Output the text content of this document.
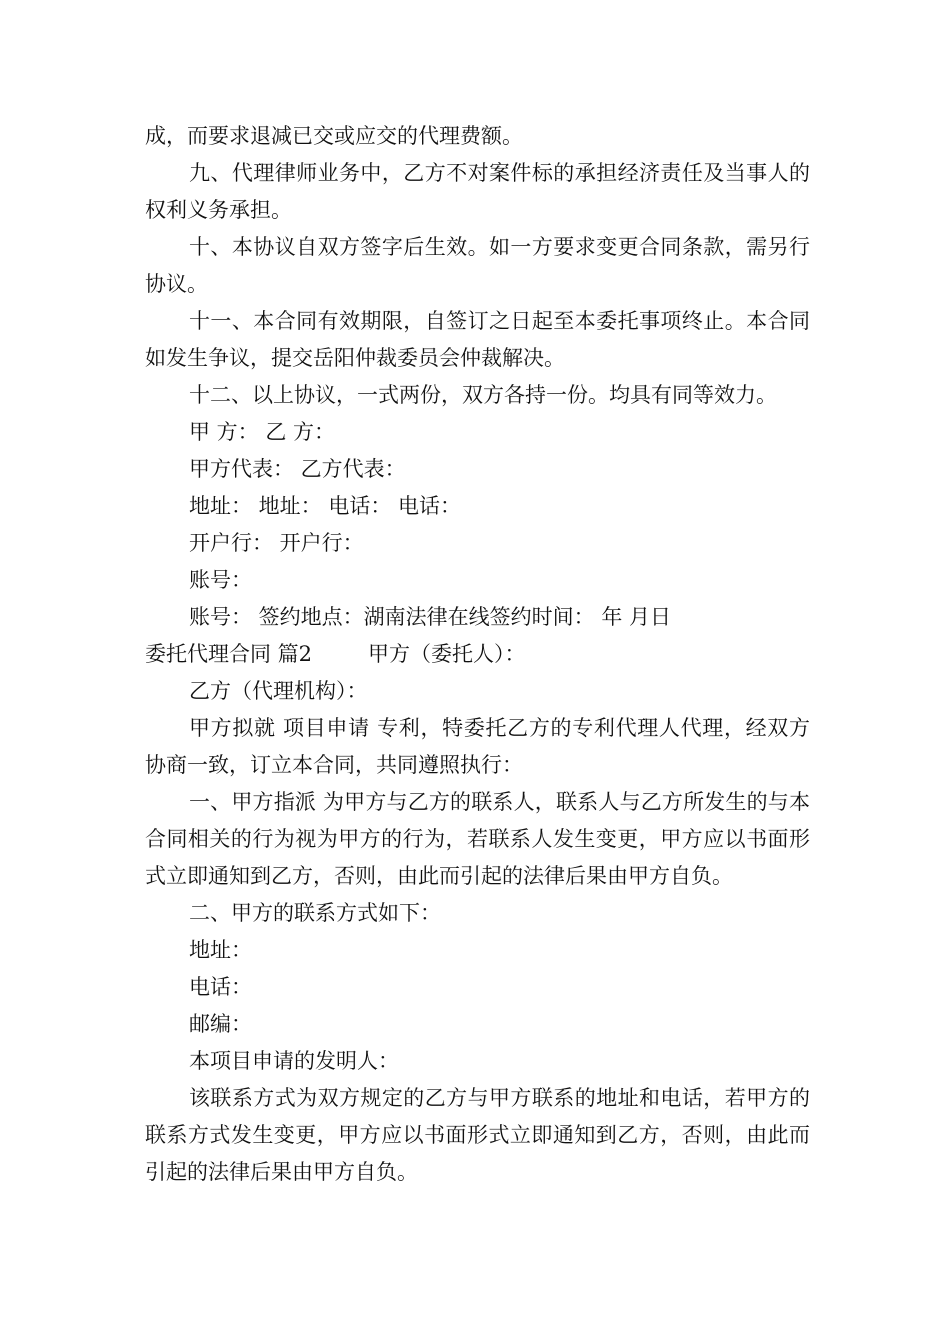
成，而要求退减已交或应交的代理费额。

九、代理律师业务中，乙方不对案件标的承担经济责任及当事人的权利义务承担。

十、本协议自双方签字后生效。如一方要求变更合同条款，需另行协议。

十一、本合同有效期限，自签订之日起至本委托事项终止。本合同如发生争议，提交岳阳仲裁委员会仲裁解决。

十二、以上协议，一式两份，双方各持一份。均具有同等效力。

甲 方： 乙 方：

甲方代表： 乙方代表：

地址： 地址： 电话： 电话：

开户行： 开户行：

账号：

账号： 签约地点：湖南法律在线签约时间： 年 月日

委托代理合同 篇2	甲方（委托人）：

乙方（代理机构）：

甲方拟就 项目申请 专利，特委托乙方的专利代理人代理，经双方协商一致，订立本合同，共同遵照执行：

一、甲方指派 为甲方与乙方的联系人，联系人与乙方所发生的与本合同相关的行为视为甲方的行为，若联系人发生变更，甲方应以书面形式立即通知到乙方，否则，由此而引起的法律后果由甲方自负。

二、甲方的联系方式如下：

地址：

电话：

邮编：

本项目申请的发明人：

该联系方式为双方规定的乙方与甲方联系的地址和电话，若甲方的联系方式发生变更，甲方应以书面形式立即通知到乙方，否则，由此而引起的法律后果由甲方自负。
